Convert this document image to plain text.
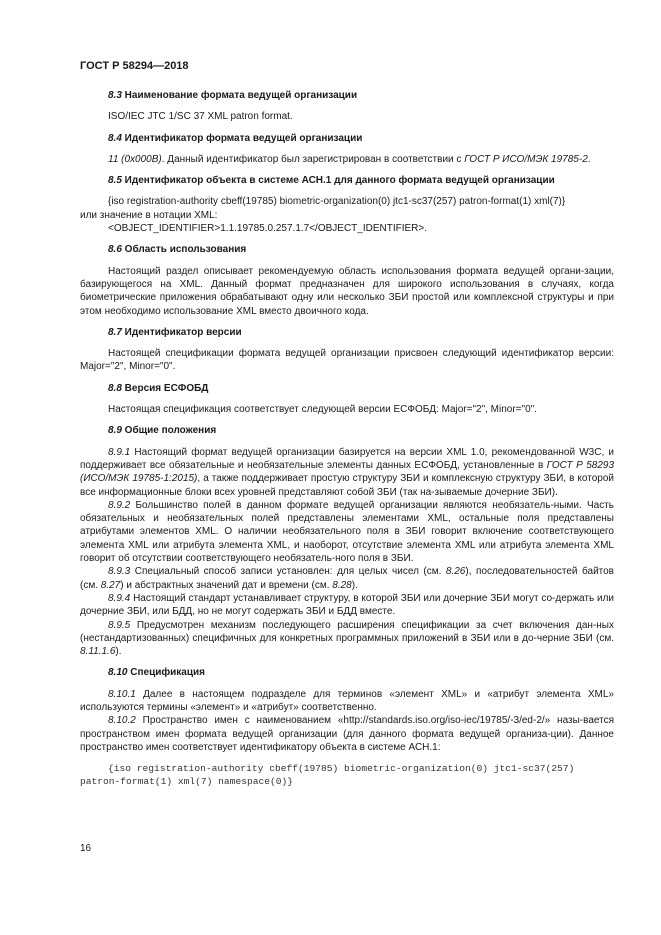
ГОСТ Р 58294—2018
8.3 Наименование формата ведущей организации
ISO/IEC JTC 1/SC 37 XML patron format.
8.4 Идентификатор формата ведущей организации
11 (0x000B). Данный идентификатор был зарегистрирован в соответствии с ГОСТ Р ИСО/МЭК 19785-2.
8.5 Идентификатор объекта в системе АСН.1 для данного формата ведущей организации
{iso registration-authority cbeff(19785) biometric-organization(0) jtc1-sc37(257) patron-format(1) xml(7)}
или значение в нотации XML:
<OBJECT_IDENTIFIER>1.1.19785.0.257.1.7</OBJECT_IDENTIFIER>.
8.6 Область использования
Настоящий раздел описывает рекомендуемую область использования формата ведущей органи-зации, базирующегося на XML. Данный формат предназначен для широкого использования в случаях, когда биометрические приложения обрабатывают одну или несколько ЗБИ простой или комплексной структуры и при этом необходимо использование XML вместо двоичного кода.
8.7 Идентификатор версии
Настоящей спецификации формата ведущей организации присвоен следующий идентификатор версии: Major="2", Minor="0".
8.8 Версия ЕСФОБД
Настоящая спецификация соответствует следующей версии ЕСФОБД: Major="2", Minor="0".
8.9 Общие положения
8.9.1 Настоящий формат ведущей организации базируется на версии XML 1.0, рекомендованной W3C, и поддерживает все обязательные и необязательные элементы данных ЕСФОБД, установленные в ГОСТ Р 58293 (ИСО/МЭК 19785-1:2015), а также поддерживает простую структуру ЗБИ и комплексную структуру ЗБИ, в которой все информационные блоки всех уровней представляют собой ЗБИ (так на-зываемые дочерние ЗБИ).
8.9.2 Большинство полей в данном формате ведущей организации являются необязатель-ными. Часть обязательных и необязательных полей представлены элементами XML, остальные поля представлены атрибутами элементов XML. О наличии необязательного поля в ЗБИ говорит включение соответствующего элемента XML или атрибута элемента XML, и наоборот, отсутствие элемента XML или атрибута элемента XML говорит об отсутствии соответствующего необязатель-ного поля в ЗБИ.
8.9.3 Специальный способ записи установлен: для целых чисел (см. 8.26), последовательностей байтов (см. 8.27) и абстрактных значений дат и времени (см. 8.28).
8.9.4 Настоящий стандарт устанавливает структуру, в которой ЗБИ или дочерние ЗБИ могут со-держать или дочерние ЗБИ, или БДД, но не могут содержать ЗБИ и БДД вместе.
8.9.5 Предусмотрен механизм последующего расширения спецификации за счет включения дан-ных (нестандартизованных) специфичных для конкретных программных приложений в ЗБИ или в до-черние ЗБИ (см. 8.11.1.6).
8.10 Спецификация
8.10.1 Далее в настоящем подразделе для терминов «элемент XML» и «атрибут элемента XML» используются термины «элемент» и «атрибут» соответственно.
8.10.2 Пространство имен с наименованием «http://standards.iso.org/iso-iec/19785/-3/ed-2/» назы-вается пространством имен формата ведущей организации (для данного формата ведущей организа-ции). Данное пространство имен соответствует идентификатору объекта в системе АСН.1:
{iso registration-authority cbeff(19785) biometric-organization(0) jtc1-sc37(257)
patron-format(1) xml(7) namespace(0)}
16
